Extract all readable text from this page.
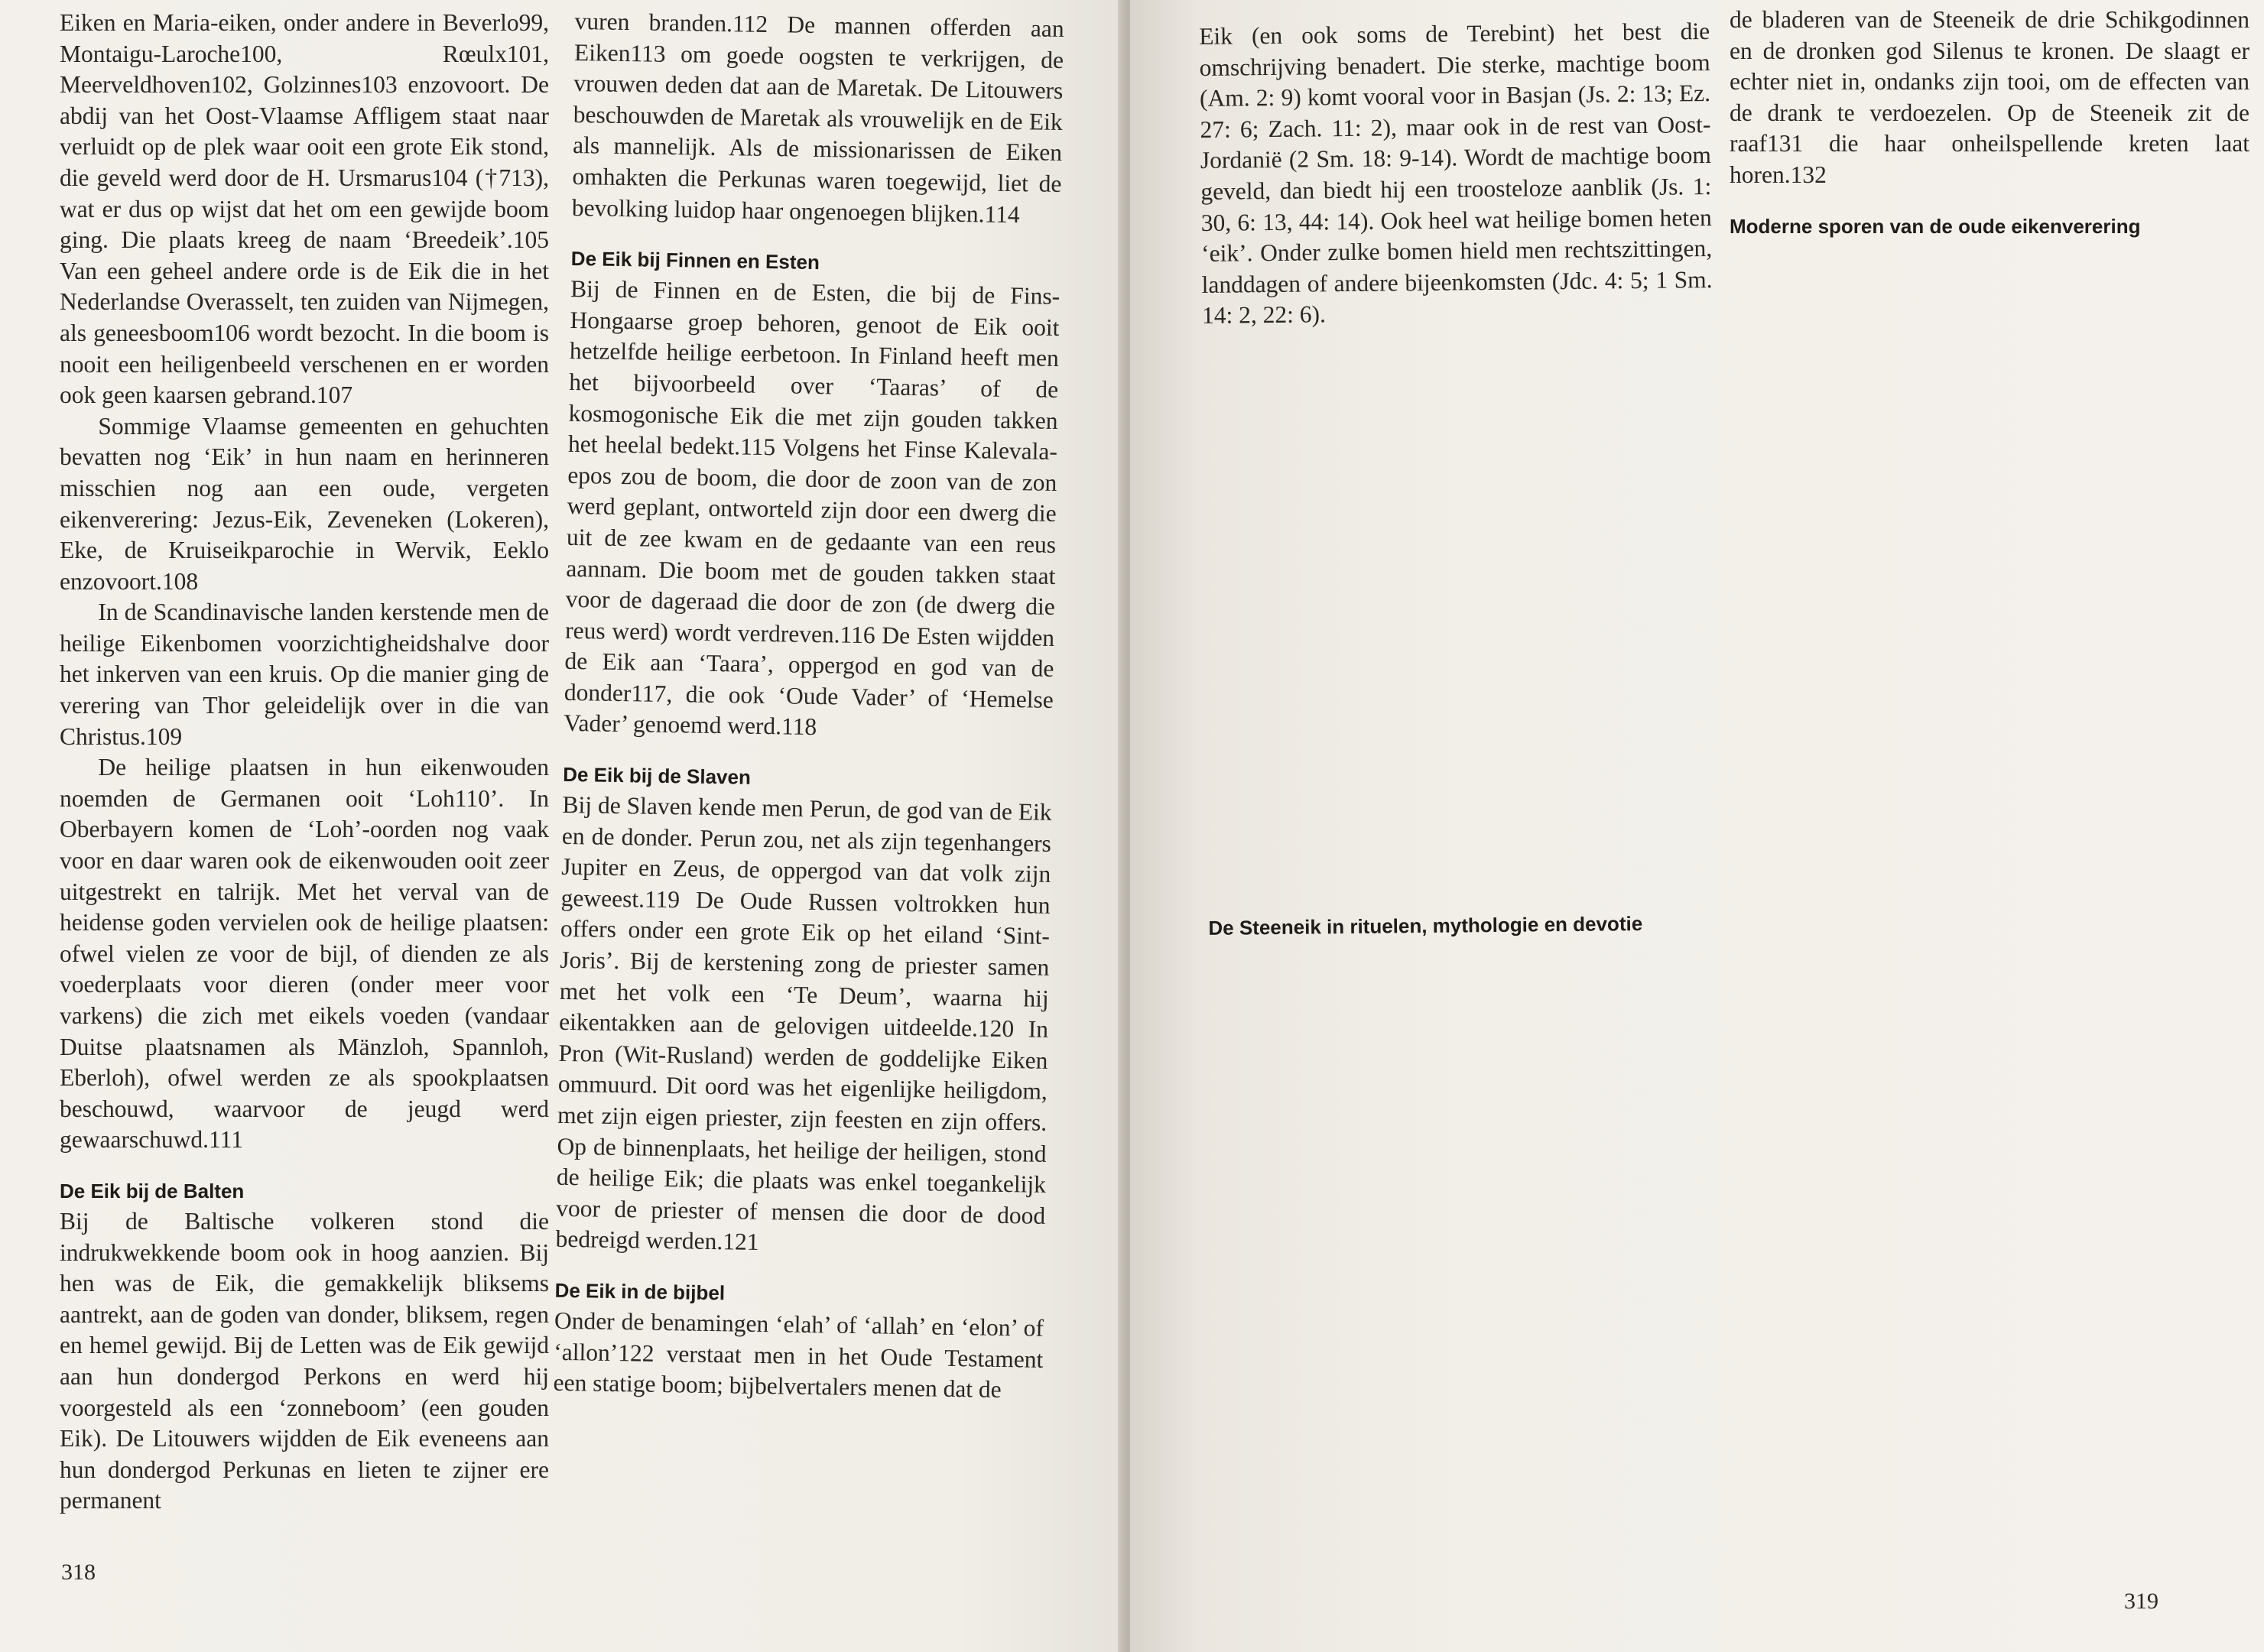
Eiken en Maria-eiken, onder andere in Beverlo99, Montaigu-Laroche100, Rœulx101, Meerveldhoven102, Golzinnes103 enzovoort. De abdij van het Oost-Vlaamse Affligem staat naar verluidt op de plek waar ooit een grote Eik stond, die geveld werd door de H. Ursmarus104 (†713), wat er dus op wijst dat het om een gewijde boom ging. Die plaats kreeg de naam ‘Breedeik’.105 Van een geheel andere orde is de Eik die in het Nederlandse Overasselt, ten zuiden van Nijmegen, als geneesboom106 wordt bezocht. In die boom is nooit een heiligenbeeld verschenen en er worden ook geen kaarsen gebrand.107

Sommige Vlaamse gemeenten en gehuchten bevatten nog ‘Eik’ in hun naam en herinneren misschien nog aan een oude, vergeten eikenverering: Jezus-Eik, Zeveneken (Lokeren), Eke, de Kruiseikparochie in Wervik, Eeklo enzovoort.108

In de Scandinavische landen kerstende men de heilige Eikenbomen voorzichtigheidshalve door het inkerven van een kruis. Op die manier ging de verering van Thor geleidelijk over in die van Christus.109

De heilige plaatsen in hun eikenwouden noemden de Germanen ooit ‘Loh110’. In Oberbayern komen de ‘Loh’-oorden nog vaak voor en daar waren ook de eikenwouden ooit zeer uitgestrekt en talrijk. Met het verval van de heidense goden vervielen ook de heilige plaatsen: ofwel vielen ze voor de bijl, of dienden ze als voederplaats voor dieren (onder meer voor varkens) die zich met eikels voeden (vandaar Duitse plaatsnamen als Mänzloh, Spannloh, Eberloh), ofwel werden ze als spookplaatsen beschouwd, waarvoor de jeugd werd gewaarschuwd.111

De Eik bij de Balten

Bij de Baltische volkeren stond die indrukwekkende boom ook in hoog aanzien. Bij hen was de Eik, die gemakkelijk bliksems aantrekt, aan de goden van donder, bliksem, regen en hemel gewijd. Bij de Letten was de Eik gewijd aan hun dondergod Perkons en werd hij voorgesteld als een ‘zonneboom’ (een gouden Eik). De Litouwers wijdden de Eik eveneens aan hun dondergod Perkunas en lieten te zijner ere permanent

vuren branden.112 De mannen offerden aan Eiken113 om goede oogsten te verkrijgen, de vrouwen deden dat aan de Maretak. De Litouwers beschouwden de Maretak als vrouwelijk en de Eik als mannelijk. Als de missionarissen de Eiken omhakten die Perkunas waren toegewijd, liet de bevolking luidop haar ongenoegen blijken.114

De Eik bij Finnen en Esten

Bij de Finnen en de Esten, die bij de Fins-Hongaarse groep behoren, genoot de Eik ooit hetzelfde heilige eerbetoon. In Finland heeft men het bijvoorbeeld over ‘Taaras’ of de kosmogonische Eik die met zijn gouden takken het heelal bedekt.115 Volgens het Finse Kalevala-epos zou de boom, die door de zoon van de zon werd geplant, ontworteld zijn door een dwerg die uit de zee kwam en de gedaante van een reus aannam. Die boom met de gouden takken staat voor de dageraad die door de zon (de dwerg die reus werd) wordt verdreven.116 De Esten wijdden de Eik aan ‘Taara’, oppergod en god van de donder117, die ook ‘Oude Vader’ of ‘Hemelse Vader’ genoemd werd.118

De Eik bij de Slaven

Bij de Slaven kende men Perun, de god van de Eik en de donder. Perun zou, net als zijn tegenhangers Jupiter en Zeus, de oppergod van dat volk zijn geweest.119 De Oude Russen voltrokken hun offers onder een grote Eik op het eiland ‘Sint-Joris’. Bij de kerstening zong de priester samen met het volk een ‘Te Deum’, waarna hij eikentakken aan de gelovigen uitdeelde.120 In Pron (Wit-Rusland) werden de goddelijke Eiken ommuurd. Dit oord was het eigenlijke heiligdom, met zijn eigen priester, zijn feesten en zijn offers. Op de binnenplaats, het heilige der heiligen, stond de heilige Eik; die plaats was enkel toegankelijk voor de priester of mensen die door de dood bedreigd werden.121

De Eik in de bijbel

Onder de benamingen ‘elah’ of ‘allah’ en ‘elon’ of ‘allon’122 verstaat men in het Oude Testament een statige boom; bijbelvertalers menen dat de

318

Eik (en ook soms de Terebint) het best die omschrijving benadert. Die sterke, machtige boom (Am. 2: 9) komt vooral voor in Basjan (Js. 2: 13; Ez. 27: 6; Zach. 11: 2), maar ook in de rest van Oost-Jordanië (2 Sm. 18: 9-14). Wordt de machtige boom geveld, dan biedt hij een troosteloze aanblik (Js. 1: 30, 6: 13, 44: 14). Ook heel wat heilige bomen heten ‘eik’. Onder zulke bomen hield men rechtszittingen, landdagen of andere bijeenkomsten (Jdc. 4: 5; 1 Sm. 14: 2, 22: 6).

De Steeneik in rituelen, mythologie en devotie

de bladeren van de Steeneik de drie Schikgodinnen en de dronken god Silenus te kronen. De slaagt er echter niet in, ondanks zijn tooi, om de effecten van de drank te verdoezelen. Op de Steeneik zit de raaf131 die haar onheilspellende kreten laat horen.132

Moderne sporen van de oude eikenverering
319
